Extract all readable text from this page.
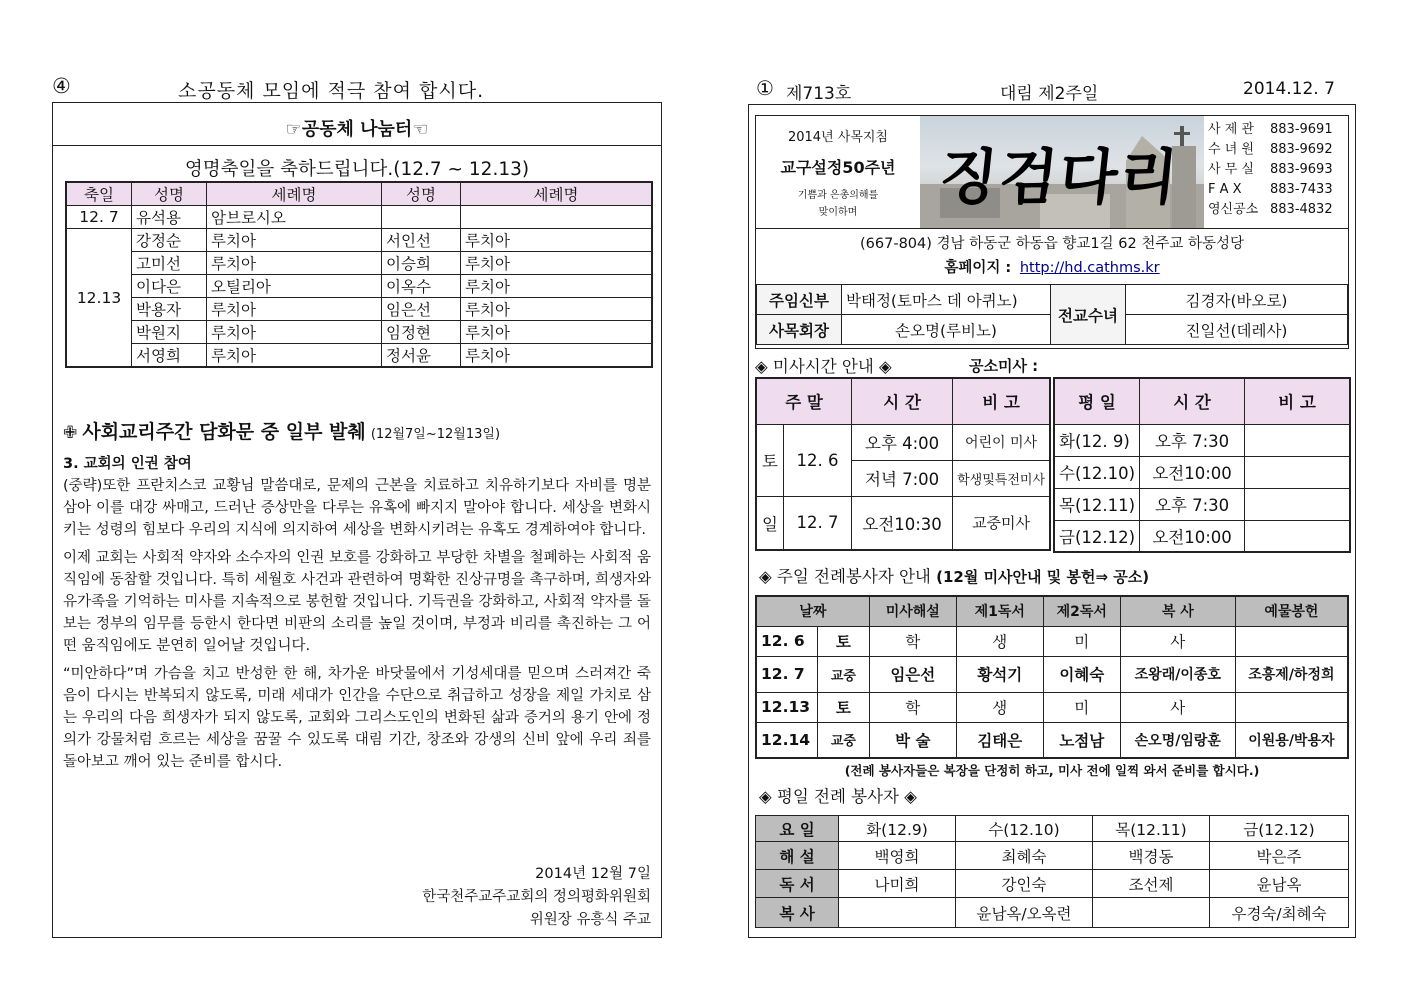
④	소공동체 모임에 적극 참여 합시다.
☞공동체 나눔터☜
영명축일을 축하드립니다.(12.7 ~ 12.13)
축일	성명	세례명	성명	세례명
12. 7	유석용	암브로시오		
12.13	강정순	루치아	서인선	루치아
	고미선	루치아	이승희	루치아
	이다은	오틸리아	이옥수	루치아
	박용자	루치아	임은선	루치아
	박원지	루치아	임정현	루치아
	서영희	루치아	정서윤	루치아
✙ 사회교리주간 담화문 중 일부 발췌 (12월7일~12월13일)
3. 교회의 인권 참여

(중략)또한 프란치스코 교황님 말씀대로, 문제의 근본을 치료하고 치유하기보다 자비를 명분삼아 이를 대강 싸매고, 드러난 증상만을 다루는 유혹에 빠지지 말아야 합니다. 세상을 변화시키는 성령의 힘보다 우리의 지식에 의지하여 세상을 변화시키려는 유혹도 경계하여야 합니다.

이제 교회는 사회적 약자와 소수자의 인권 보호를 강화하고 부당한 차별을 철폐하는 사회적 움직임에 동참할 것입니다. 특히 세월호 사건과 관련하여 명확한 진상규명을 촉구하며, 희생자와 유가족을 기억하는 미사를 지속적으로 봉헌할 것입니다. 기득권을 강화하고, 사회적 약자를 돌보는 정부의 임무를 등한시 한다면 비판의 소리를 높일 것이며, 부정과 비리를 촉진하는 그 어떤 움직임에도 분연히 일어날 것입니다.

“미안하다”며 가슴을 치고 반성한 한 해, 차가운 바닷물에서 기성세대를 믿으며 스러져간 죽음이 다시는 반복되지 않도록, 미래 세대가 인간을 수단으로 취급하고 성장을 제일 가치로 삼는 우리의 다음 희생자가 되지 않도록, 교회와 그리스도인의 변화된 삶과 증거의 용기 안에 정의가 강물처럼 흐르는 세상을 꿈꿀 수 있도록 대림 기간, 창조와 강생의 신비 앞에 우리 죄를 돌아보고 깨어 있는 준비를 합시다.

2014년 12월 7일
한국천주교주교회의 정의평화위원회
위원장 유흥식 주교
① 제713호	대림 제2주일	2014.12. 7
2014년 사목지침
교구설정50주년
기쁨과 은총의해를
맞이하며	징검다리
사 제 관 883-9691
수 녀 원 883-9692
사 무 실 883-9693
F A X 883-7433
영신공소 883-4832
(667-804) 경남 하동군 하동읍 향교1길 62 천주교 하동성당
홈페이지 : http://hd.cathms.kr
주임신부	박태정(토마스 데 아퀴노)	전교수녀	김경자(바오로)
사목회장	손오명(루비노)		진일선(데레사)
◈ 미사시간 안내 ◈	공소미사 :
주 말		시 간	비 고
토	12. 6	오후 4:00	어린이 미사
		저녁 7:00	학생및특전미사
일	12. 7	오전10:30	교중미사
평 일	시 간	비 고
화(12. 9)	오후 7:30	
수(12.10)	오전10:00	
목(12.11)	오후 7:30	
금(12.12)	오전10:00	
◈ 주일 전례봉사자 안내 (12월 미사안내 및 봉헌⇒ 공소)
날짜		미사해설	제1독서	제2독서	복 사	예물봉헌
12. 6	토	학	생	미	사	
12. 7	교중	임은선	황석기	이혜숙	조왕래/이종호	조흥제/하정희
12.13	토	학	생	미	사	
12.14	교중	박 술	김태은	노점남	손오명/임랑훈	이원용/박용자
(전례 봉사자들은 복장을 단정히 하고, 미사 전에 일찍 와서 준비를 합시다.)
◈ 평일 전례 봉사자 ◈
요 일	화(12.9)	수(12.10)	목(12.11)	금(12.12)
해 설	백영희	최혜숙	백경동	박은주
독 서	나미희	강인숙	조선제	윤남옥
복 사		윤남옥/오옥련		우경숙/최혜숙
